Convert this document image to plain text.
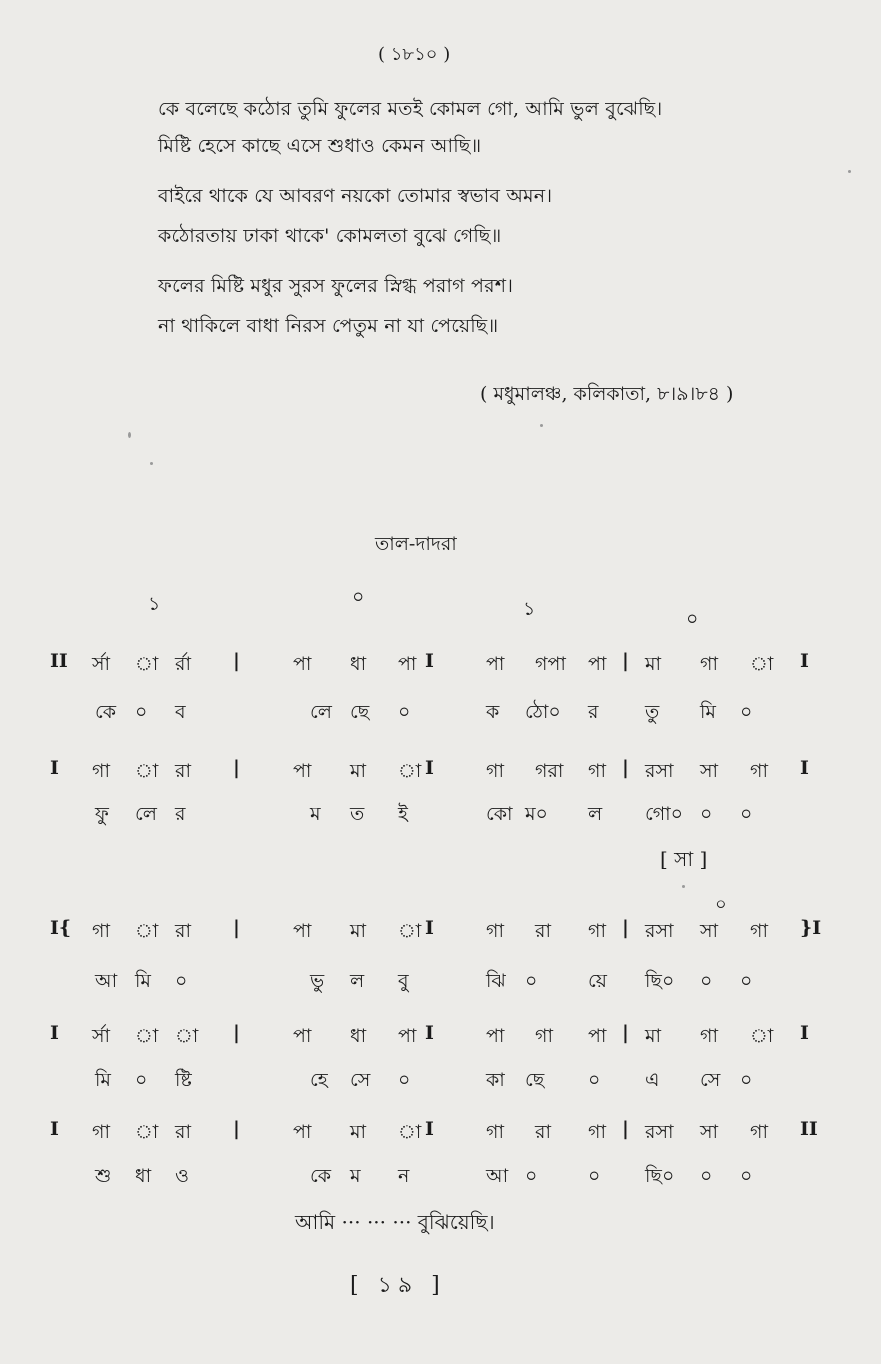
( ১৮১০ )
কে বলেছে কঠোর তুমি ফুলের মতই কোমল গো, আমি ভুল বুঝেছি।
মিষ্টি হেসে কাছে এসে শুধাও কেমন আছি॥
বাইরে থাকে যে আবরণ নয়কো তোমার স্বভাব অমন।
কঠোরতায় ঢাকা থাকে' কোমলতা বুঝে গেছি॥
ফলের মিষ্টি মধুর সুরস ফুলের স্নিগ্ধ পরাগ পরশ।
না থাকিলে বাধা নিরস পেতুম না যা পেয়েছি॥
( মধুমালঞ্চ, কলিকাতা, ৮।৯।৮৪ )
তাল-দাদরা
১	০
১	০
II র্সা া র্রা |	পা ধা পা I	পা গপা পা | মা গা া I
কে ০ ব	লে ছে ০	ক ঠো০ র তু মি ০
I গা া রা |	পা মা া I	গা গরা গা | রসা সা গা I
ফু লে র	ম ত ই	কো ম০ ল গো০ ০ ০
I{ গা া রা |	পা মা া I	গা রা গা | রসা সা গা }I
আ মি ০	ভু ল বু	ঝি ০	য়ে ছি০ ০ ০
I র্সা া া |	পা ধা পা I	পা গা পা | মা গা া I
মি ০ ষ্টি	হে সে ০	কা ছে ০ এ সে ০
I গা া রা |	পা মা া I	গা রা গা | রসা সা গা II
শু ধা ও	কে ম ন	আ ০	০ ছি০ ০ ০
[ সা ]
০
আমি ··· ··· ··· বুঝিয়েছি।
[ ১৯ ]
